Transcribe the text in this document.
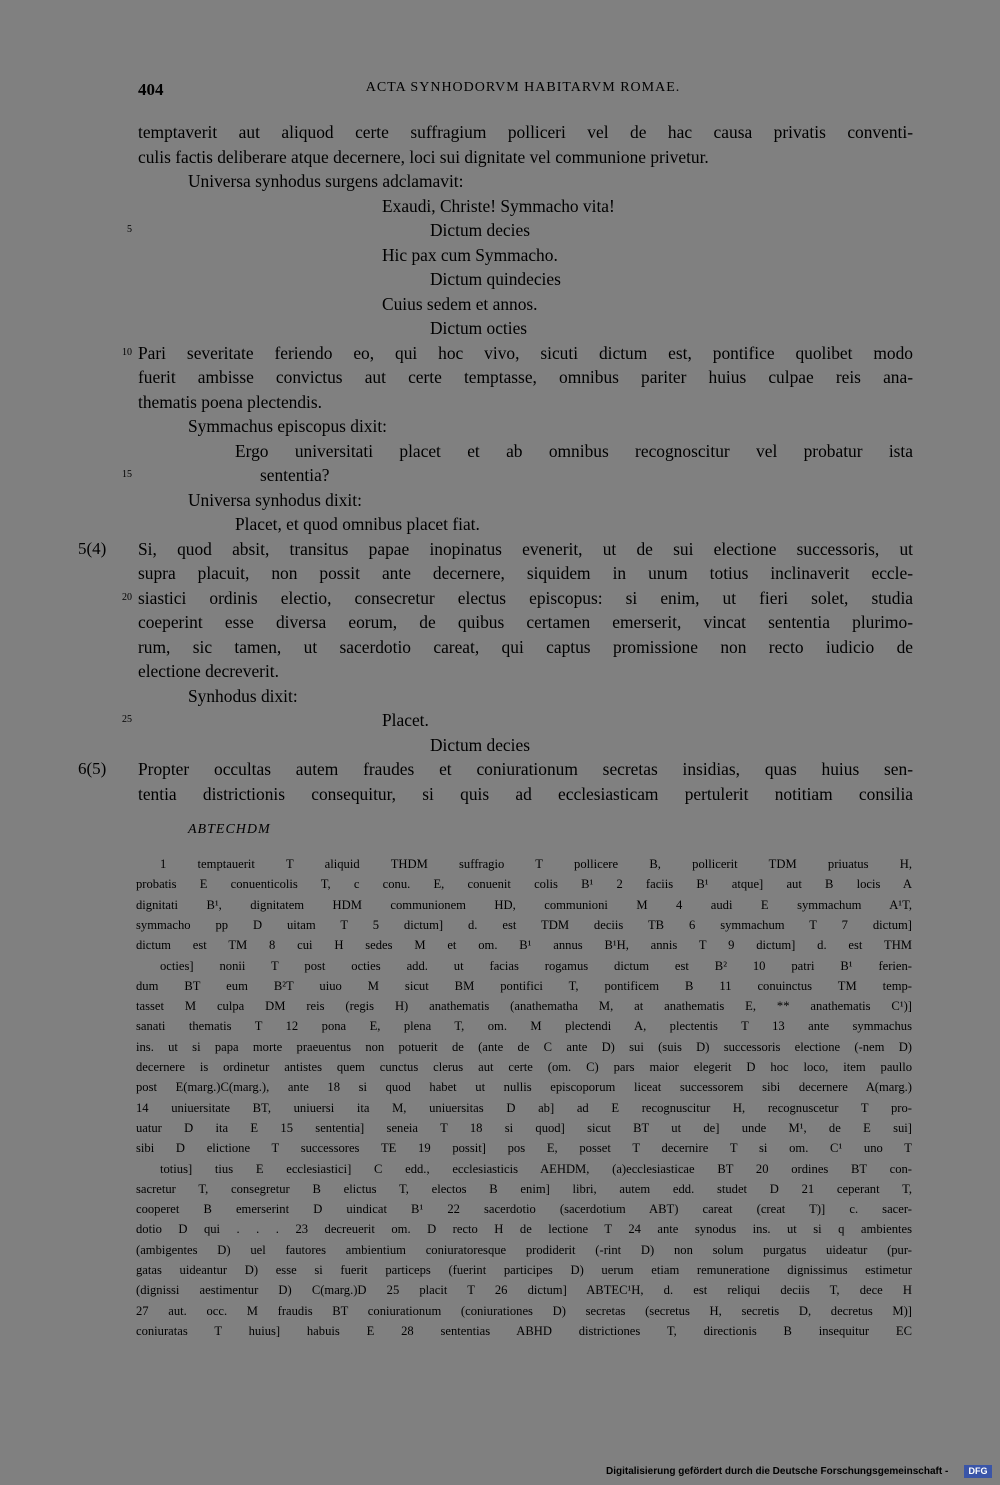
404	ACTA SYNHODORVM HABITARVM ROMAE.
temptaverit aut aliquod certe suffragium polliceri vel de hac causa privatis conventi-
culis factis deliberare atque decernere, loci sui dignitate vel communione privetur.
Universa synhodus surgens adclamavit:
Exaudi, Christe! Symmacho vita!
5	Dictum decies
Hic pax cum Symmacho.
Dictum quindecies
Cuius sedem et annos.
Dictum octies
10 Pari severitate feriendo eo, qui hoc vivo, sicuti dictum est, pontifice quolibet modo
fuerit ambisse convictus aut certe temptasse, omnibus pariter huius culpae reis ana-
thematis poena plectendis.
Symmachus episcopus dixit:
Ergo universitati placet et ab omnibus recognoscitur vel probatur ista
15	sententia?
Universa synhodus dixit:
Placet, et quod omnibus placet fiat.
5(4)	Si, quod absit, transitus papae inopinatus evenerit, ut de sui electione successoris, ut
supra placuit, non possit ante decernere, siquidem in unum totius inclinaverit eccle-
20 siastici ordinis electio, consecretur electus episcopus: si enim, ut fieri solet, studia
coeperint esse diversa eorum, de quibus certamen emerserit, vincat sententia plurimo-
rum, sic tamen, ut sacerdotio careat, qui captus promissione non recto iudicio de
electione decreverit.
Synhodus dixit:
25	Placet.
Dictum decies
6(5)	Propter occultas autem fraudes et coniurationum secretas insidias, quas huius sen-
tentia districtionis consequitur, si quis ad ecclesiasticam pertulerit notitiam consilia
ABTECHDM
1 temptauerit T aliquid THDM suffragio T pollicere B, pollicerit TDM priuatus H,
probatis E conuenticolis T, c conu. E, conuenit colis B¹ 2 faciis B¹ atque] aut B locis A
dignitati B¹, dignitatem HDM communionem HD, communioni M 4 audi E symmachum A¹T,
symmacho pp D uitam T 5 dictum] d. est TDM deciis TB 6 symmachum T 7 dictum]
dictum est TM 8 cui H sedes M et om. B¹ annus B¹H, annis T 9 dictum] d. est THM
octies] nonii T post octies add. ut facias rogamus dictum est B² 10 patri B¹ ferien-
dum BT eum B²T uiuo M sicut BM pontifici T, pontificem B 11 conuinctus TM temp-
tasset M culpa DM reis (regis H) anathematis (anathematha M, at anathematis E, ** anathematis C¹)]
sanati thematis T 12 pona E, plena T, om. M plectendi A, plectentis T 13 ante symmachus
ins. ut si papa morte praeuentus non potuerit de (ante de C ante D) sui (suis D) successoris electione (-nem D)
decernere is ordinetur antistes quem cunctus clerus aut certe (om. C) pars maior elegerit D hoc loco, item paullo
post E(marg.)C(marg.), ante 18 si quod habet ut nullis episcoporum liceat successorem sibi decernere A(marg.)
14 uniuersitate BT, uniuersi ita M, uniuersitas D ab] ad E recognuscitur H, recognuscetur T pro-
uatur D ita E 15 sententia] seneia T 18 si quod] sicut BT ut de] unde M¹, de E sui]
sibi D elictione T successores TE 19 possit] pos E, posset T decernire T si om. C¹ uno T
totius] tius E ecclesiastici] C edd., ecclesiasticis AEHDM, (a)ecclesiasticae BT 20 ordines BT con-
sacretur T, consegretur B elictus T, electos B enim] libri, autem edd. studet D 21 ceperant T,
cooperet B emerserint D uindicat B¹ 22 sacerdotio (sacerdotium ABT) careat (creat T)] c. sacer-
dotio D qui . . . 23 decreuerit om. D recto H de lectione T 24 ante synodus ins. ut si q ambientes
(ambigentes D) uel fautores ambientium coniuratoresque prodiderit (-rint D) non solum purgatus uideatur (pur-
gatas uideantur D) esse si fuerit particeps (fuerint participes D) uerum etiam remuneratione dignissimus estimetur
(dignissi aestimentur D) C(marg.)D 25 placit T 26 dictum] ABTEC¹H, d. est reliqui deciis T, dece H
27 aut. occ. M fraudis BT coniurationum (coniurationes D) secretas (secretus H, secretis D, decretus M)]
coniuratas T huius] habuis E 28 sententias ABHD districtiones T, directionis B insequitur EC
Digitalisierung gefördert durch die Deutsche Forschungsgemeinschaft -	DFG
